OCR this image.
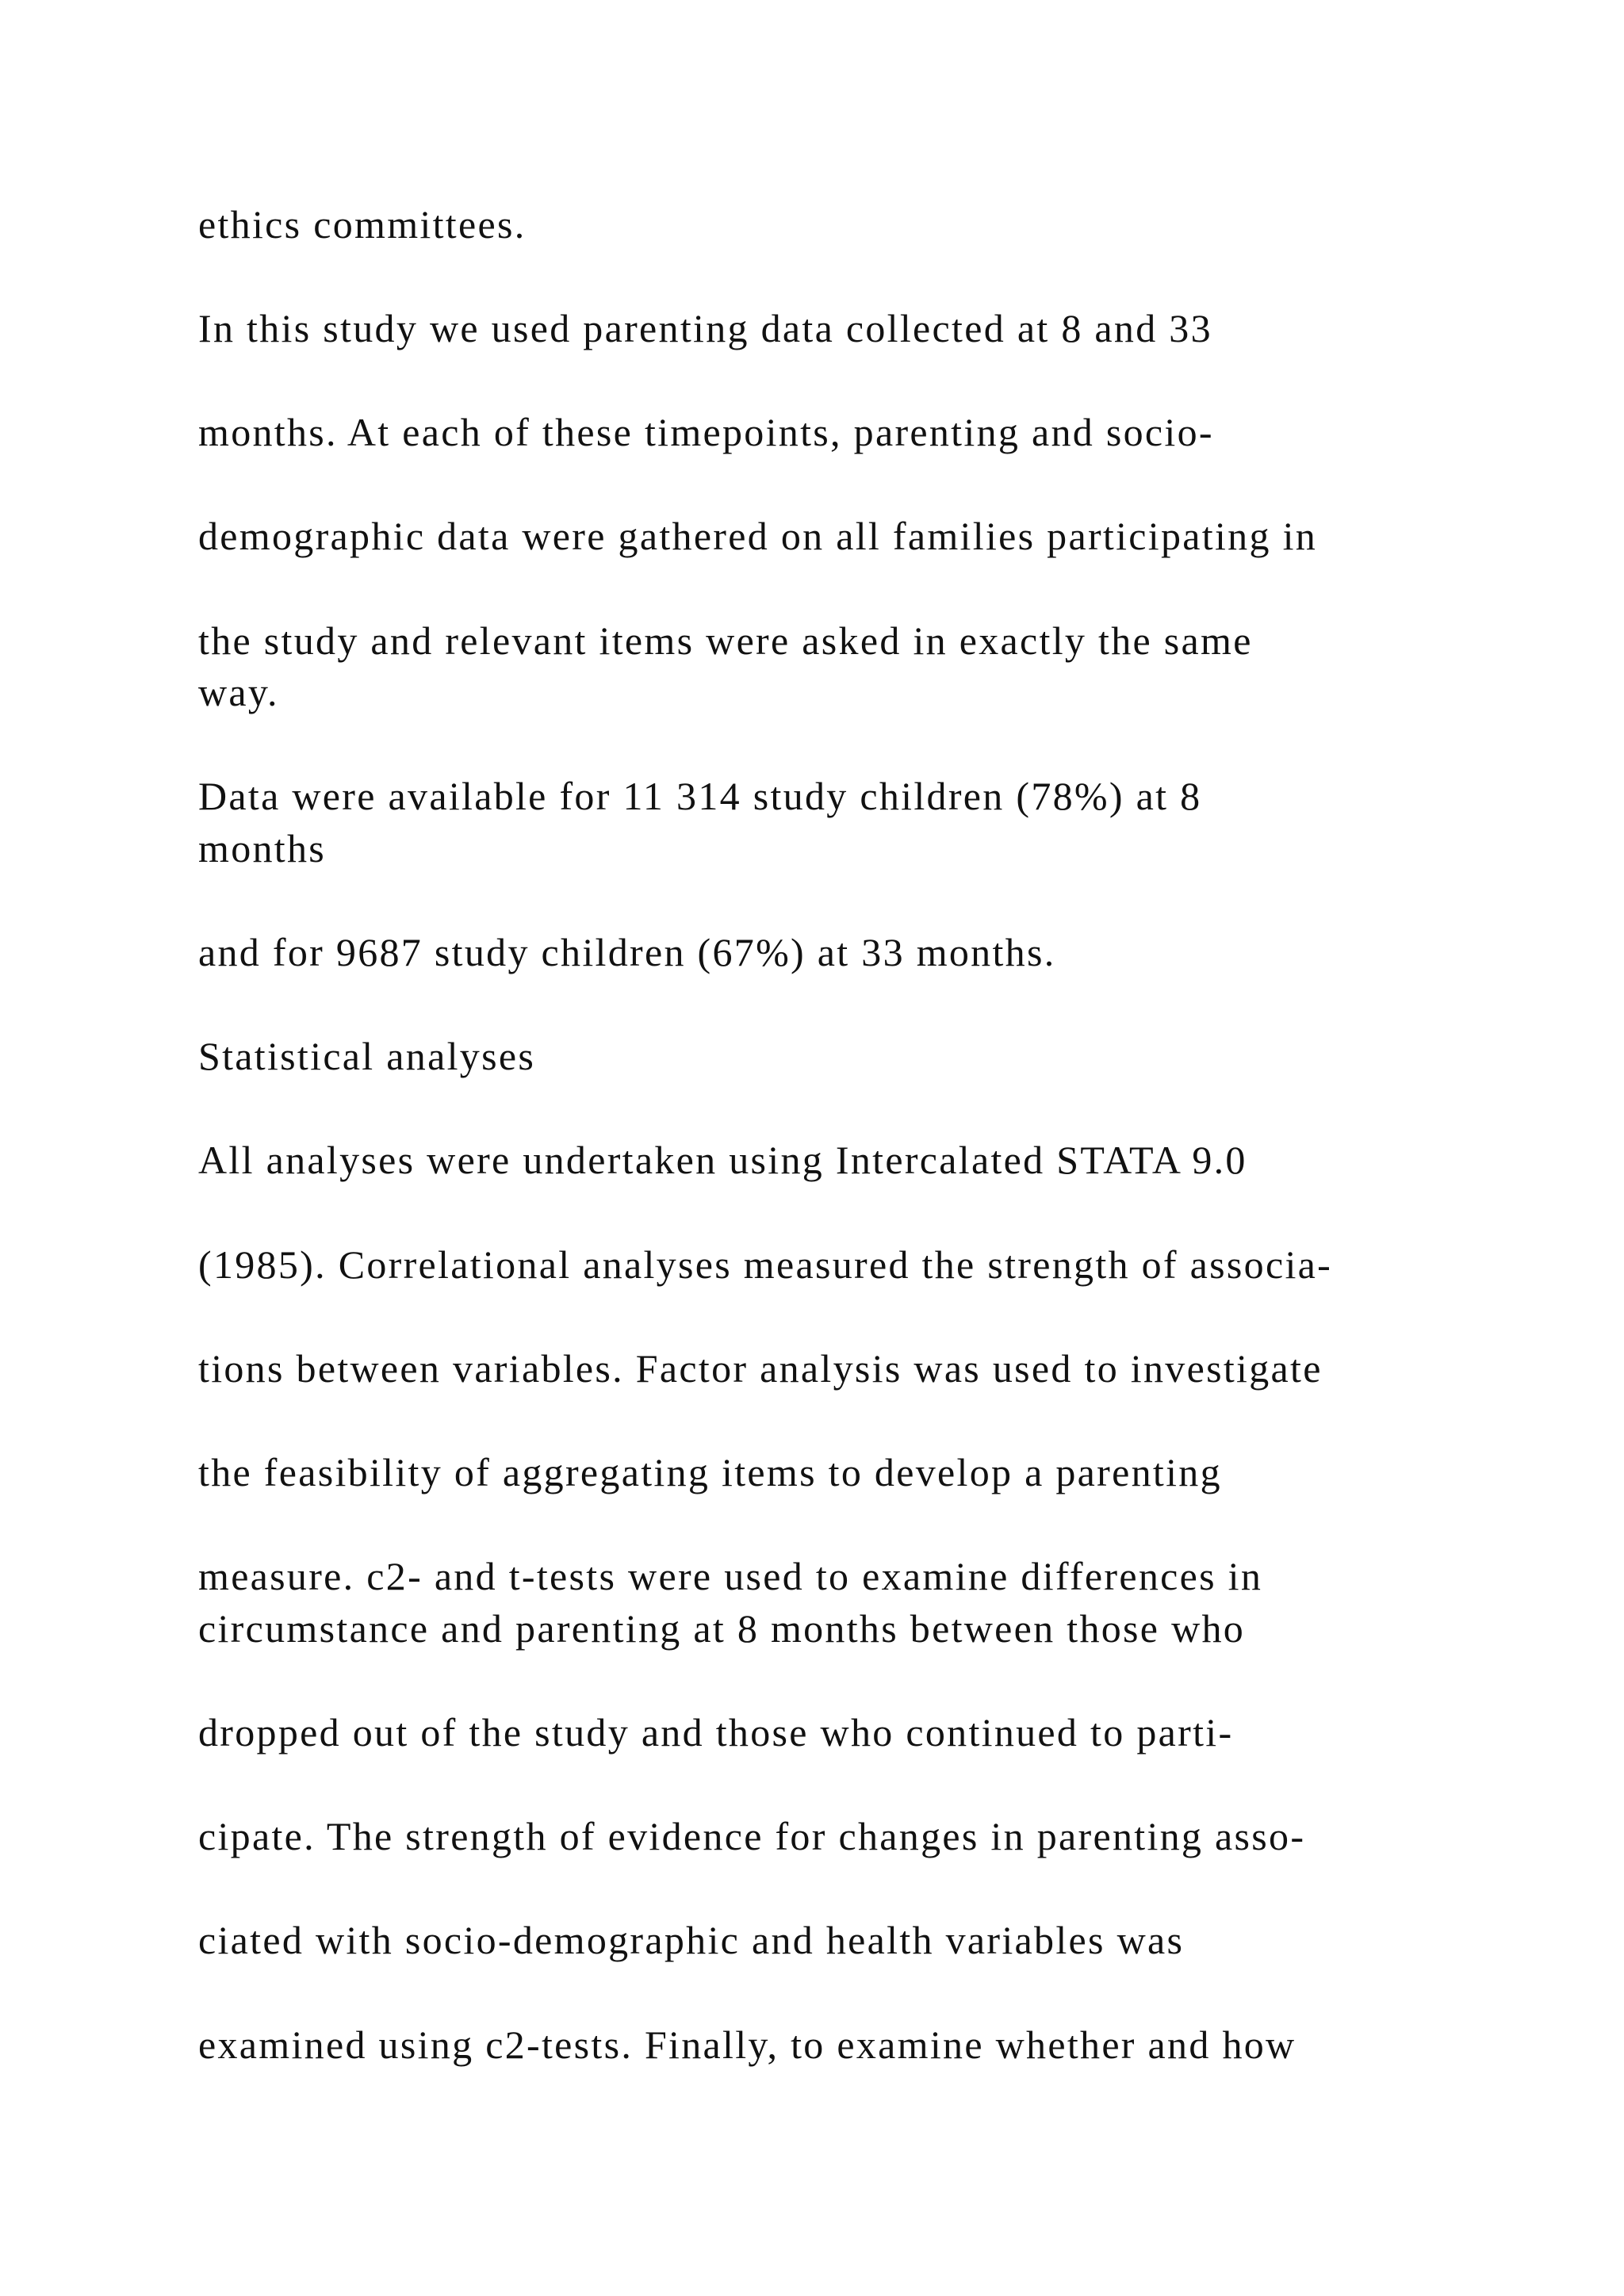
ethics committees.
In this study we used parenting data collected at 8 and 33
months. At each of these timepoints, parenting and socio-
demographic data were gathered on all families participating in
the study and relevant items were asked in exactly the same
way.
Data were available for 11 314 study children (78%) at 8
months
and for 9687 study children (67%) at 33 months.
Statistical analyses
All analyses were undertaken using Intercalated STATA 9.0
(1985). Correlational analyses measured the strength of associa-
tions between variables. Factor analysis was used to investigate
the feasibility of aggregating items to develop a parenting
measure. c2- and t-tests were used to examine differences in
circumstance and parenting at 8 months between those who
dropped out of the study and those who continued to parti-
cipate. The strength of evidence for changes in parenting asso-
ciated with socio-demographic and health variables was
examined using c2-tests. Finally, to examine whether and how
